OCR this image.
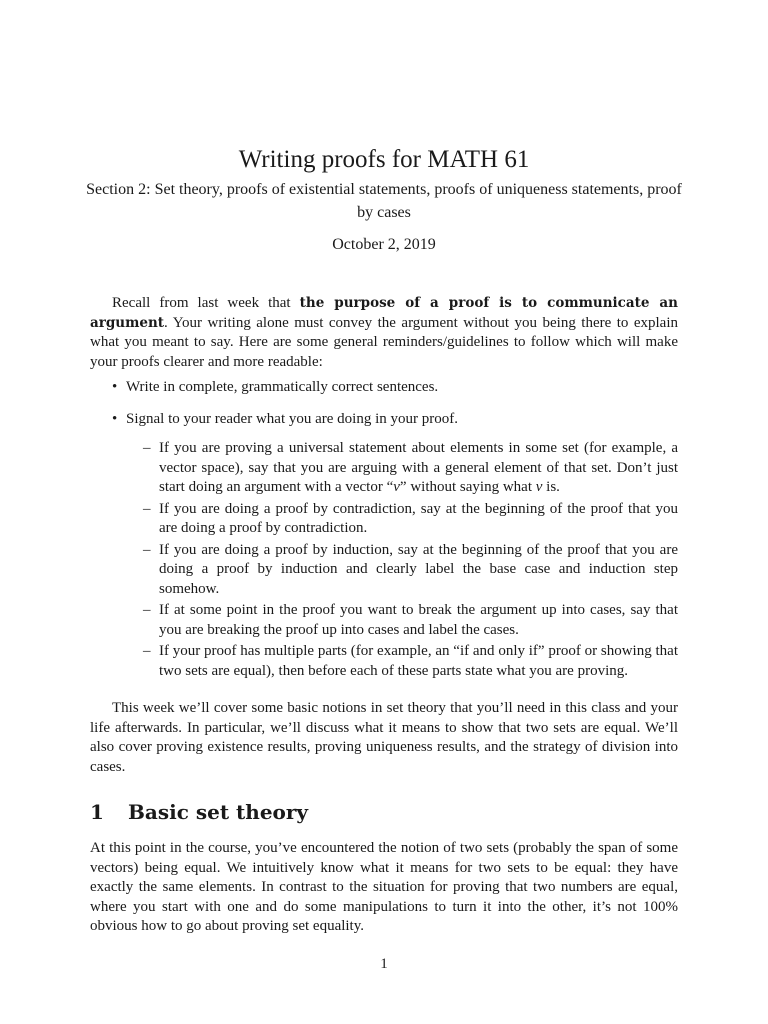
Writing proofs for MATH 61
Section 2: Set theory, proofs of existential statements, proofs of uniqueness statements, proof by cases
October 2, 2019

Recall from last week that the purpose of a proof is to communicate an argument. Your writing alone must convey the argument without you being there to explain what you meant to say. Here are some general reminders/guidelines to follow which will make your proofs clearer and more readable:

• Write in complete, grammatically correct sentences.
• Signal to your reader what you are doing in your proof.
– If you are proving a universal statement about elements in some set (for example, a vector space), say that you are arguing with a general element of that set. Don’t just start doing an argument with a vector “v” without saying what v is.
– If you are doing a proof by contradiction, say at the beginning of the proof that you are doing a proof by contradiction.
– If you are doing a proof by induction, say at the beginning of the proof that you are doing a proof by induction and clearly label the base case and induction step somehow.
– If at some point in the proof you want to break the argument up into cases, say that you are breaking the proof up into cases and label the cases.
– If your proof has multiple parts (for example, an “if and only if” proof or showing that two sets are equal), then before each of these parts state what you are proving.

This week we’ll cover some basic notions in set theory that you’ll need in this class and your life afterwards. In particular, we’ll discuss what it means to show that two sets are equal. We’ll also cover proving existence results, proving uniqueness results, and the strategy of division into cases.

1 Basic set theory

At this point in the course, you’ve encountered the notion of two sets (probably the span of some vectors) being equal. We intuitively know what it means for two sets to be equal: they have exactly the same elements. In contrast to the situation for proving that two numbers are equal, where you start with one and do some manipulations to turn it into the other, it’s not 100% obvious how to go about proving set equality.

1
